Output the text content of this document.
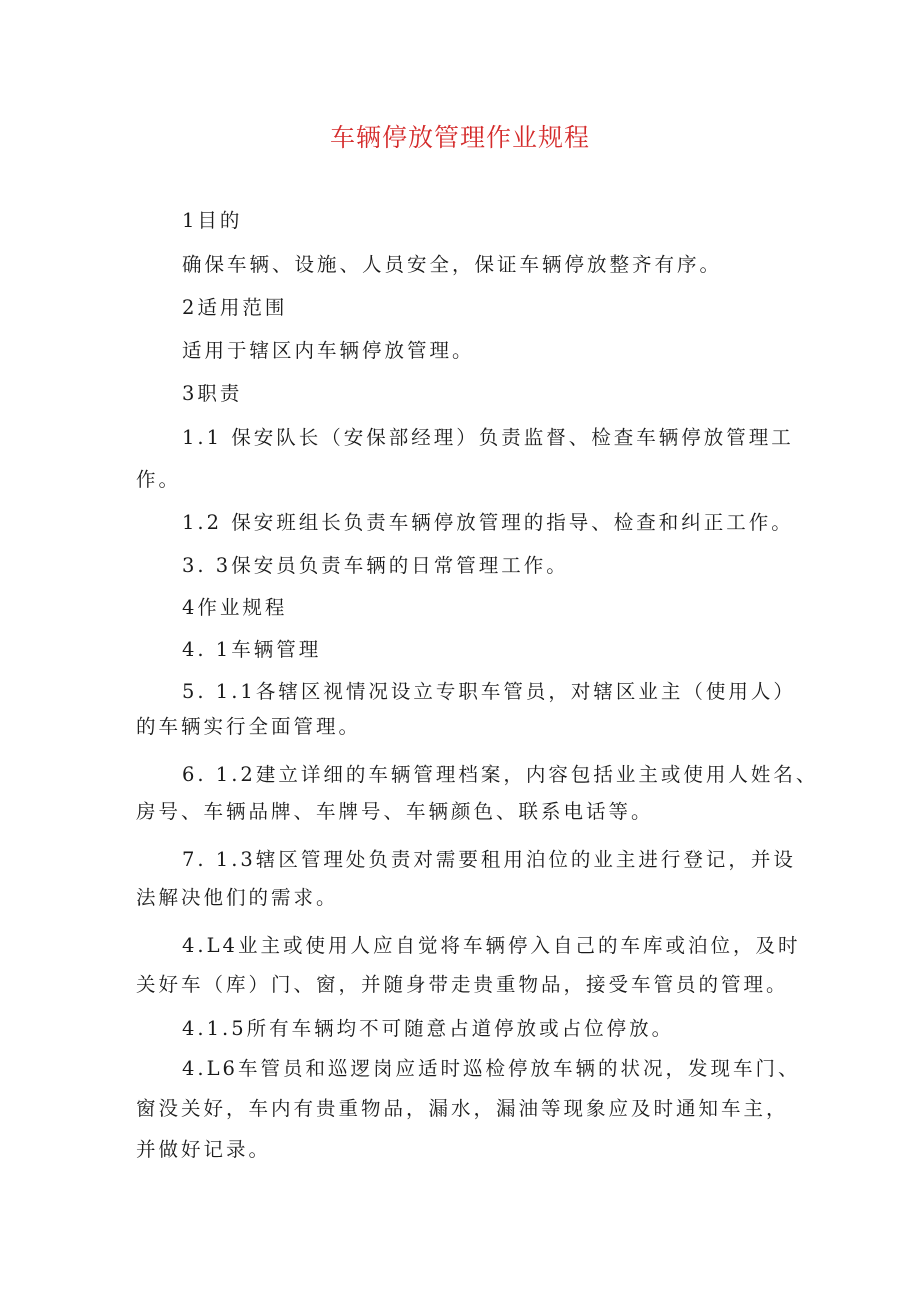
车辆停放管理作业规程

1目的

确保车辆、设施、人员安全，保证车辆停放整齐有序。

2适用范围

适用于辖区内车辆停放管理。

3职责

1.1 保安队长（安保部经理）负责监督、检查车辆停放管理工

作。

1.2 保安班组长负责车辆停放管理的指导、检查和纠正工作。

3. 3保安员负责车辆的日常管理工作。

4作业规程

4. 1车辆管理

5. 1.1各辖区视情况设立专职车管员，对辖区业主（使用人）

的车辆实行全面管理。

6. 1.2建立详细的车辆管理档案，内容包括业主或使用人姓名、

房号、车辆品牌、车牌号、车辆颜色、联系电话等。

7. 1.3辖区管理处负责对需要租用泊位的业主进行登记，并设

法解决他们的需求。

4.L4业主或使用人应自觉将车辆停入自己的车库或泊位，及时

关好车（库）门、窗，并随身带走贵重物品，接受车管员的管理。

4.1.5所有车辆均不可随意占道停放或占位停放。

4.L6车管员和巡逻岗应适时巡检停放车辆的状况，发现车门、

窗没关好，车内有贵重物品，漏水，漏油等现象应及时通知车主，

并做好记录。
